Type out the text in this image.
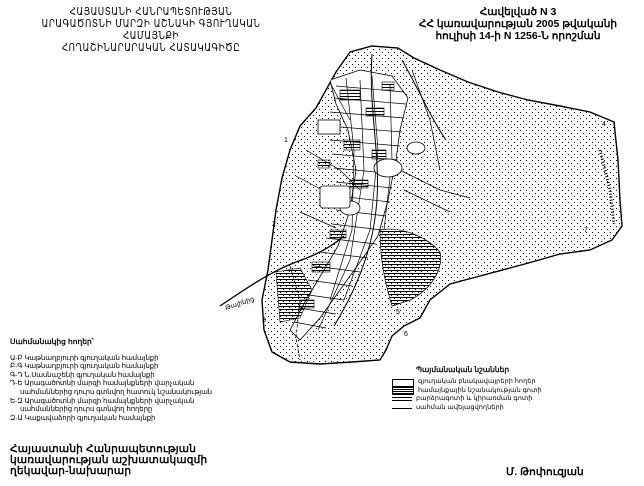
ՀԱՅԱՍՏԱՆԻ ՀԱՆՐԱՊԵՏՈՒԹՅԱՆ
ԱՐԱԳԱԾՈՏՆԻ ՄԱՐԶԻ ԱՇՆԱԿԻ ԳՅՈՒՂԱԿԱՆ ՀԱՄԱՅՆՔԻ
ՀՈՂԱՇԻՆԱՐԱՐԱԿԱՆ ՀԱՏԱԿԱԳԻԾԸ
Հավելված N 3
ՀՀ կառավարության 2005 թվականի
հուլիսի 14-ի N 1256-Ն որոշման
4
1
2
3
5
6
7
Թալինից
Սահմանակից հողեր՝
Ա-Բ Կաթնաղբյուրի գյուղական համայնքի
Բ-Գ Կաթնաղբյուրի գյուղական համայնքի
Գ-Դ Ն.Սասնաշենի գյուղական համայնքի
Դ-Ե Արագածոտնի մարզի համայնքների վարչական
սահմաններից դուրս գտնվող հատուկ նշանակության
Ե-Զ Արագածոտնի մարզի համայնքների վարչական
սահմաններից դուրս գտնվող հողերը
Զ-Ա Կաքավաձորի գյուղական համայնքի
Պայմանական նշաններ
գյուղական բնակավայրերի հողեր
համայնքային նշանակության գոտի
բարձրագոտի և կիրառման գոտի
սահման ավելացվողների
Հայաստանի Հանրապետության
կառավարության աշխատակազմի
ղեկավար-նախարար	Մ. Թոփուզյան
